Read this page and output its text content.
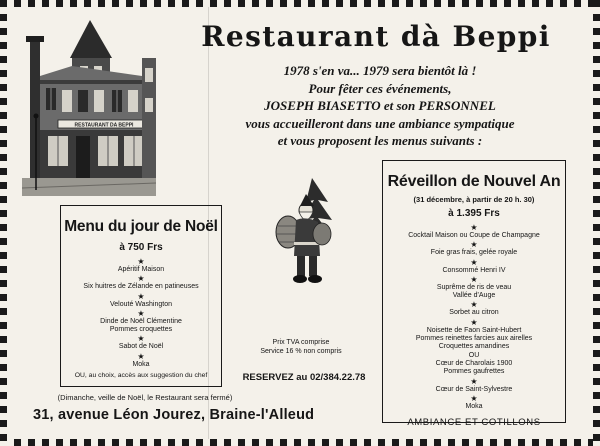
RESTAURANT DA BEPPI
Restaurant dà Beppi
1978 s'en va... 1979 sera bientôt là !
Pour fêter ces événements,
JOSEPH BIASETTO et son PERSONNEL
vous accueilleront dans une ambiance sympatique
et vous proposent les menus suivants :
Menu du jour de Noël
à 750 Frs
★
Apéritif Maison
★
Six huitres de Zélande en patineuses
★
Velouté Washington
★
Dinde de Noël Clémentine
Pommes croquettes
★
Sabot de Noël
★
Moka
OU, au choix, accès aux suggestion du chef
Réveillon de Nouvel An
(31 décembre, à partir de 20 h. 30)
à 1.395 Frs
★
Cocktail Maison ou Coupe de Champagne
★
Foie gras frais, gelée royale
★
Consommé Henri IV
★
Suprême de ris de veau
Vallée d'Auge
★
Sorbet au citron
★
Noisette de Faon Saint-Hubert
Pommes reinettes farcies aux airelles
Croquettes amandines
OU
Cœur de Charolais 1900
Pommes gaufrettes
★
Cœur de Saint-Sylvestre
★
Moka
AMBIANCE ET COTILLONS
Prix TVA comprise
Service 16 % non compris
RESERVEZ au 02/384.22.78
(Dimanche, veille de Noël, le Restaurant sera fermé)
31, avenue Léon Jourez, Braine-l'Alleud
